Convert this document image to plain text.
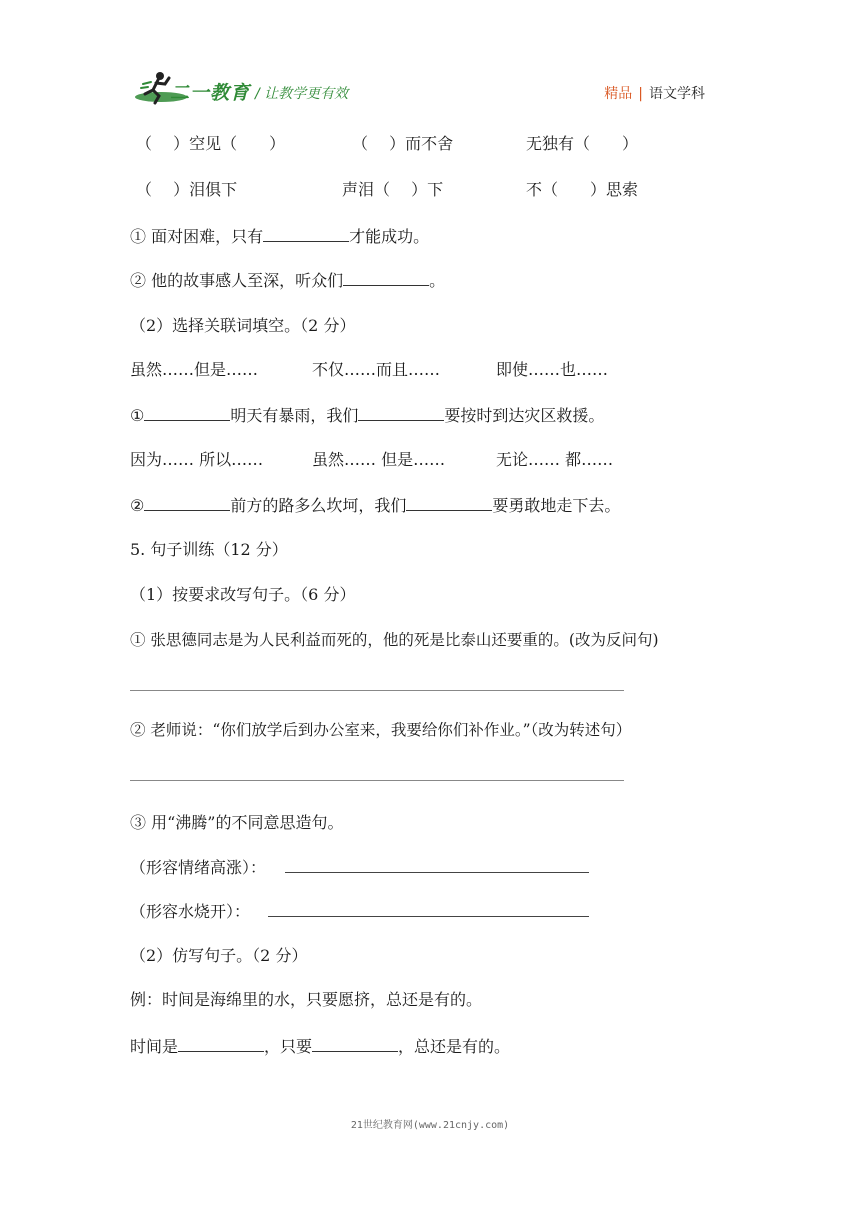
二一教育 / 让教学更有效	精品 | 语文学科
（　 ）空见（　　）	（　 ）而不舍	无独有（　　）
（　 ）泪俱下	声泪（　 ）下	不（　　）思索
① 面对困难，只有	才能成功。
② 他的故事感人至深，听众们	。
（2）选择关联词填空。（2 分）
虽然……但是……	不仅……而且……	即使……也……
①	明天有暴雨，我们	要按时到达灾区救援。
因为…… 所以……	虽然…… 但是……	无论…… 都……
②	前方的路多么坎坷，我们	要勇敢地走下去。
5. 句子训练（12 分）
（1）按要求改写句子。（6 分）
① 张思德同志是为人民利益而死的，他的死是比泰山还要重的。(改为反问句)
② 老师说：“你们放学后到办公室来，我要给你们补作业。”（改为转述句）
③ 用“沸腾”的不同意思造句。
（形容情绪高涨）：
（形容水烧开）：
（2）仿写句子。（2 分）
例：时间是海绵里的水，只要愿挤，总还是有的。
时间是	，只要	，总还是有的。
21世纪教育网(www.21cnjy.com)
